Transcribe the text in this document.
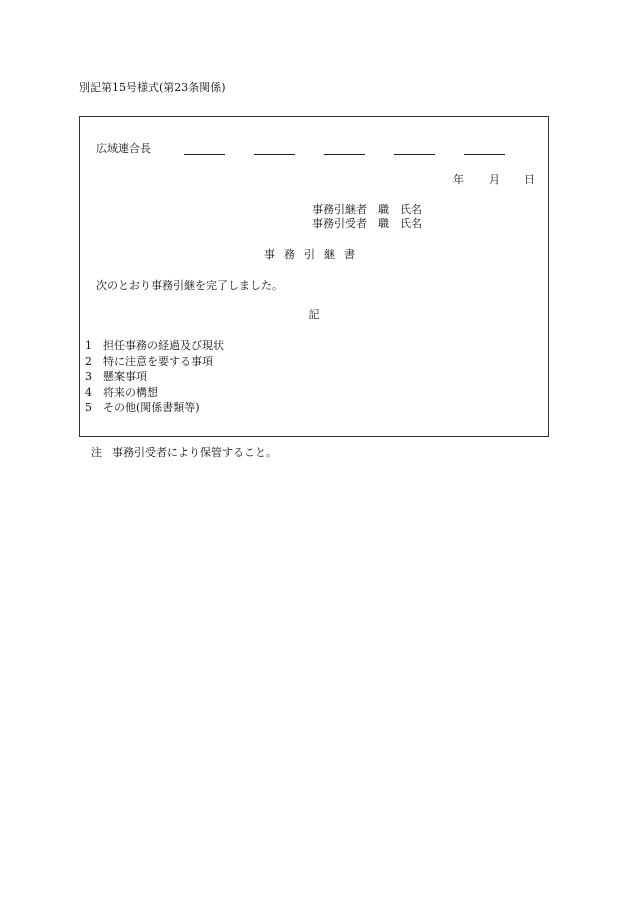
別記第15号様式(第23条関係)
広域連合長
年 月 日
事務引継者　職　氏名
事務引受者　職　氏名
事務引継書
次のとおり事務引継を完了しました。
記
1 担任事務の経過及び現状
2 特に注意を要する事項
3 懸案事項
4 将来の構想
5 その他(関係書類等)
注 事務引受者により保管すること。
